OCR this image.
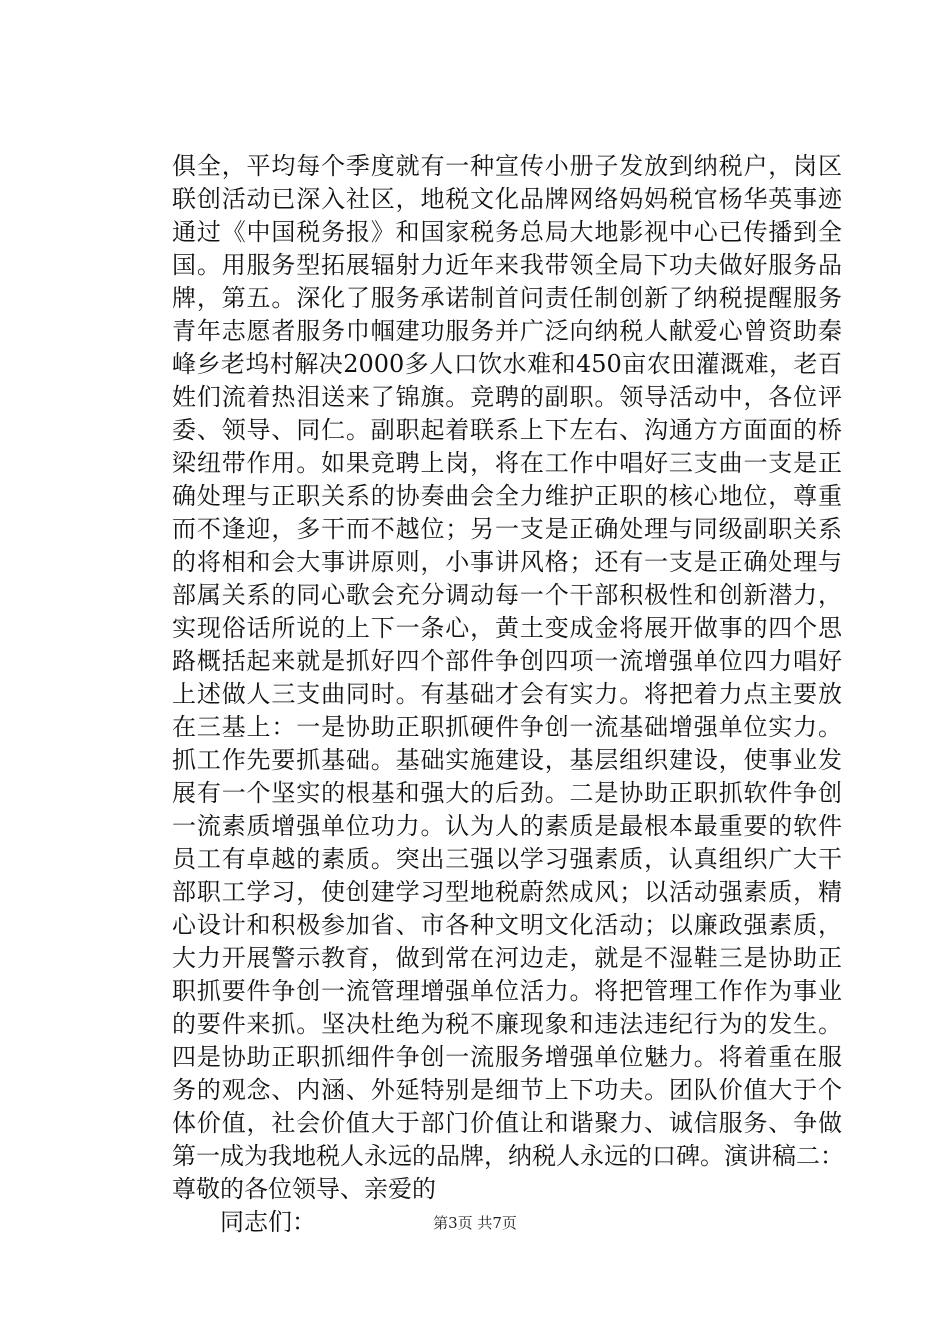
俱全，平均每个季度就有一种宣传小册子发放到纳税户，岗区
联创活动已深入社区，地税文化品牌网络妈妈税官杨华英事迹
通过《中国税务报》和国家税务总局大地影视中心已传播到全
国。用服务型拓展辐射力近年来我带领全局下功夫做好服务品
牌，第五。深化了服务承诺制首问责任制创新了纳税提醒服务
青年志愿者服务巾帼建功服务并广泛向纳税人献爱心曾资助秦
峰乡老坞村解决2000多人口饮水难和450亩农田灌溉难，老百
姓们流着热泪送来了锦旗。竞聘的副职。领导活动中，各位评
委、领导、同仁。副职起着联系上下左右、沟通方方面面的桥
梁纽带作用。如果竞聘上岗，将在工作中唱好三支曲一支是正
确处理与正职关系的协奏曲会全力维护正职的核心地位，尊重
而不逢迎，多干而不越位；另一支是正确处理与同级副职关系
的将相和会大事讲原则，小事讲风格；还有一支是正确处理与
部属关系的同心歌会充分调动每一个干部积极性和创新潜力，
实现俗话所说的上下一条心，黄土变成金将展开做事的四个思
路概括起来就是抓好四个部件争创四项一流增强单位四力唱好
上述做人三支曲同时。有基础才会有实力。将把着力点主要放
在三基上：一是协助正职抓硬件争创一流基础增强单位实力。
抓工作先要抓基础。基础实施建设，基层组织建设，使事业发
展有一个坚实的根基和强大的后劲。二是协助正职抓软件争创
一流素质增强单位功力。认为人的素质是最根本最重要的软件
员工有卓越的素质。突出三强以学习强素质，认真组织广大干
部职工学习，使创建学习型地税蔚然成风；以活动强素质，精
心设计和积极参加省、市各种文明文化活动；以廉政强素质，
大力开展警示教育，做到常在河边走，就是不湿鞋三是协助正
职抓要件争创一流管理增强单位活力。将把管理工作作为事业
的要件来抓。坚决杜绝为税不廉现象和违法违纪行为的发生。
四是协助正职抓细件争创一流服务增强单位魅力。将着重在服
务的观念、内涵、外延特别是细节上下功夫。团队价值大于个
体价值，社会价值大于部门价值让和谐聚力、诚信服务、争做
第一成为我地税人永远的品牌，纳税人永远的口碑。演讲稿二：
尊敬的各位领导、亲爱的
同志们：	第3页 共7页
